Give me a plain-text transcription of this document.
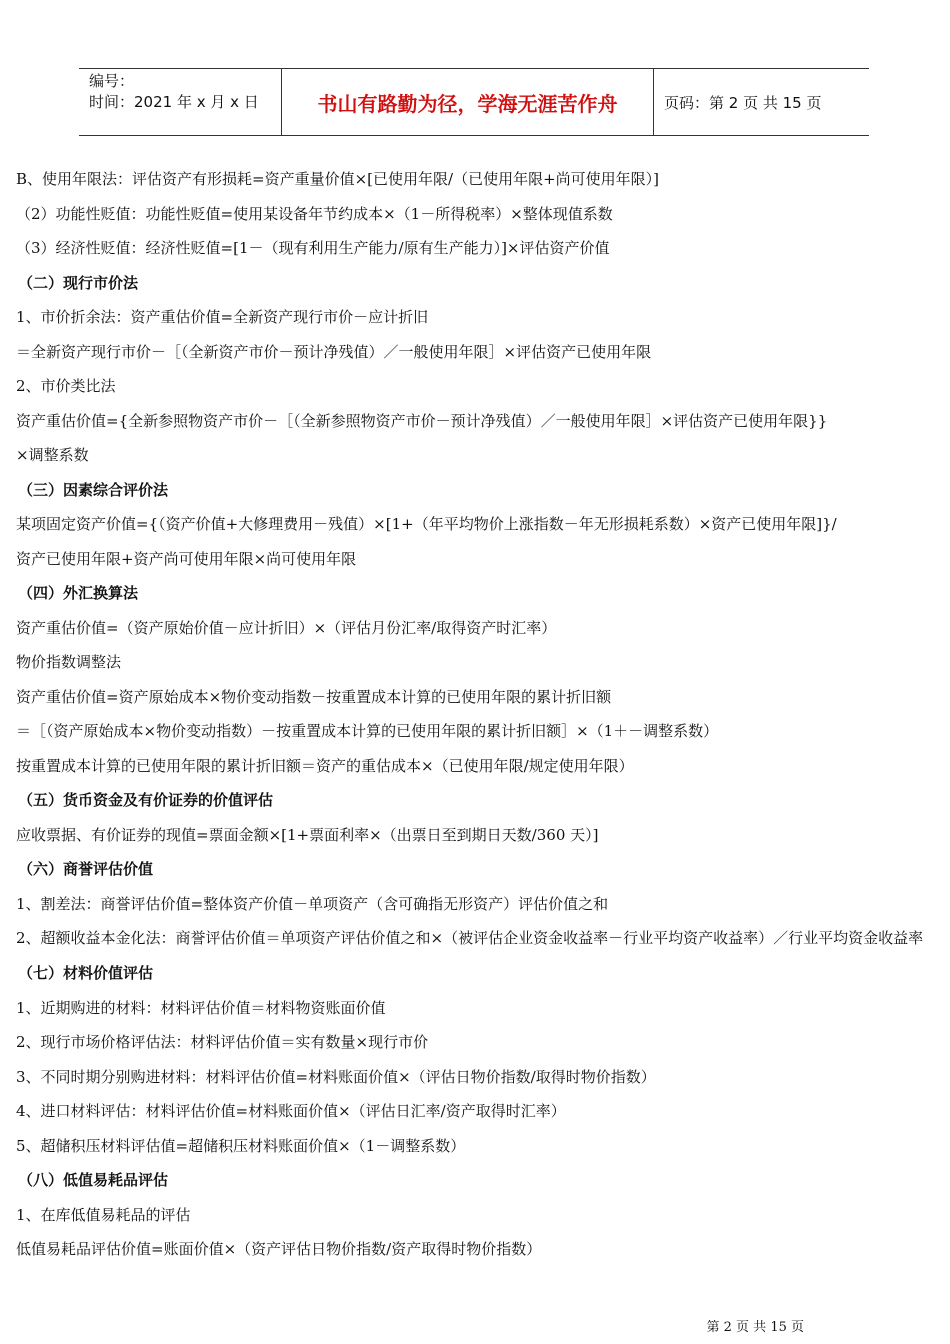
编号：
时间：2021 年 x 月 x 日	书山有路勤为径，学海无涯苦作舟	页码：第 2 页 共 15 页
B、使用年限法：评估资产有形损耗=资产重量价值×[已使用年限/（已使用年限+尚可使用年限）]
（2）功能性贬值：功能性贬值=使用某设备年节约成本×（1－所得税率）×整体现值系数
（3）经济性贬值：经济性贬值=[1－（现有利用生产能力/原有生产能力）]×评估资产价值
（二）现行市价法
1、市价折余法：资产重估价值=全新资产现行市价－应计折旧
＝全新资产现行市价－［（全新资产市价－预计净残值）／一般使用年限］×评估资产已使用年限
2、市价类比法
资产重估价值={全新参照物资产市价－［（全新参照物资产市价－预计净残值）／一般使用年限］×评估资产已使用年限}}
×调整系数
（三）因素综合评价法
某项固定资产价值={（资产价值+大修理费用－残值）×[1+（年平均物价上涨指数－年无形损耗系数）×资产已使用年限]}/
资产已使用年限+资产尚可使用年限×尚可使用年限
（四）外汇换算法
资产重估价值=（资产原始价值－应计折旧）×（评估月份汇率/取得资产时汇率）
物价指数调整法
资产重估价值=资产原始成本×物价变动指数－按重置成本计算的已使用年限的累计折旧额
＝［（资产原始成本×物价变动指数）－按重置成本计算的已使用年限的累计折旧额］×（1＋－调整系数）
按重置成本计算的已使用年限的累计折旧额＝资产的重估成本×（已使用年限/规定使用年限）
（五）货币资金及有价证券的价值评估
应收票据、有价证券的现值=票面金额×[1+票面利率×（出票日至到期日天数/360 天）]
（六）商誉评估价值
1、割差法：商誉评估价值=整体资产价值－单项资产（含可确指无形资产）评估价值之和
2、超额收益本金化法：商誉评估价值＝单项资产评估价值之和×（被评估企业资金收益率－行业平均资产收益率）／行业平均资金收益率
（七）材料价值评估
1、近期购进的材料：材料评估价值＝材料物资账面价值
2、现行市场价格评估法：材料评估价值＝实有数量×现行市价
3、不同时期分别购进材料：材料评估价值=材料账面价值×（评估日物价指数/取得时物价指数）
4、进口材料评估：材料评估价值=材料账面价值×（评估日汇率/资产取得时汇率）
5、超储积压材料评估值=超储积压材料账面价值×（1－调整系数）
（八）低值易耗品评估
1、在库低值易耗品的评估
低值易耗品评估价值=账面价值×（资产评估日物价指数/资产取得时物价指数）
第 2 页 共 15 页
